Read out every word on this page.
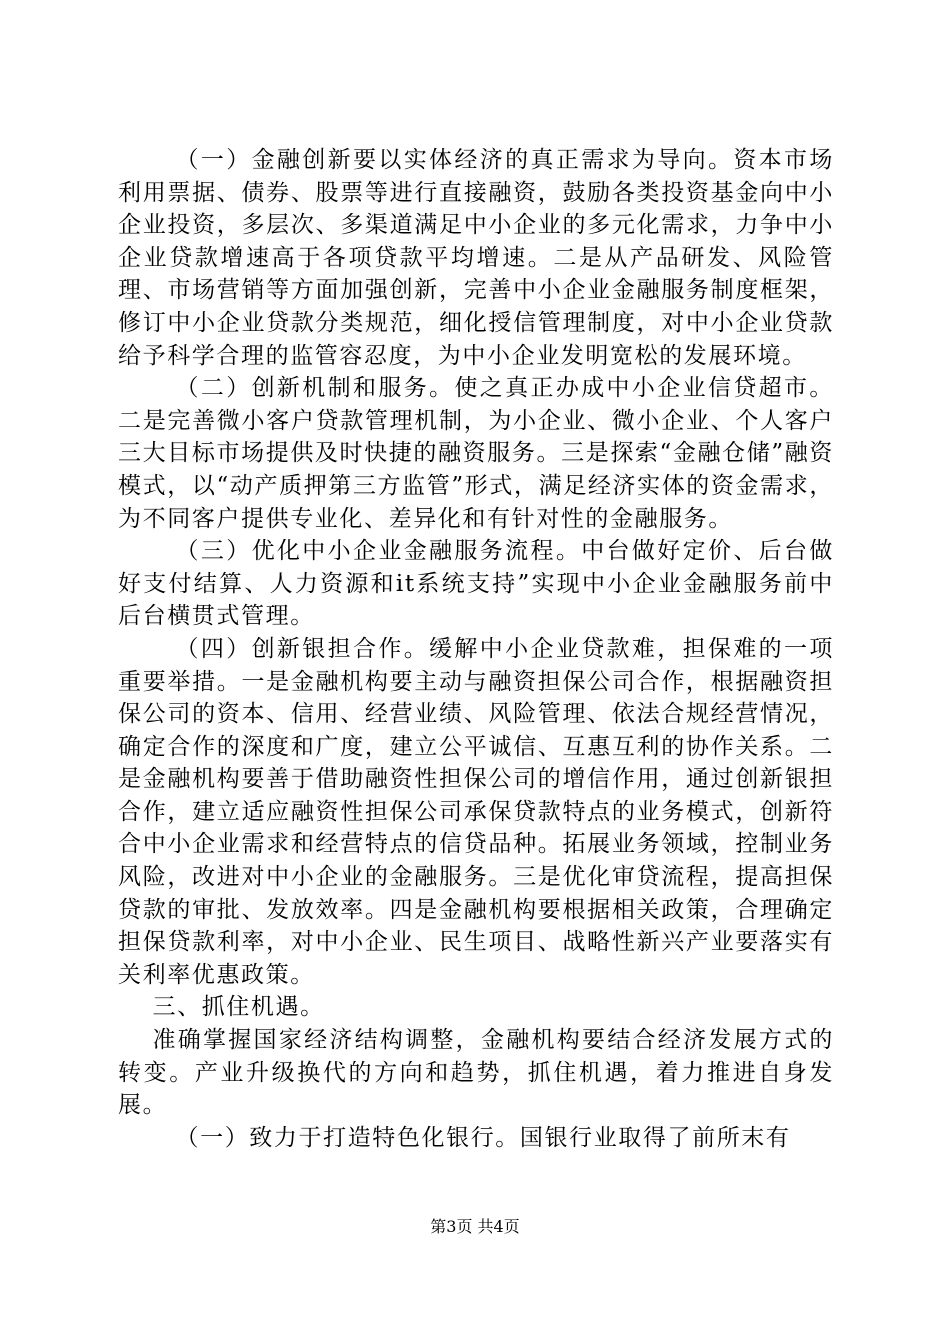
（一）金融创新要以实体经济的真正需求为导向。资本市场利用票据、债券、股票等进行直接融资，鼓励各类投资基金向中小企业投资，多层次、多渠道满足中小企业的多元化需求，力争中小企业贷款增速高于各项贷款平均增速。二是从产品研发、风险管理、市场营销等方面加强创新，完善中小企业金融服务制度框架，修订中小企业贷款分类规范，细化授信管理制度，对中小企业贷款给予科学合理的监管容忍度，为中小企业发明宽松的发展环境。

（二）创新机制和服务。使之真正办成中小企业信贷超市。二是完善微小客户贷款管理机制，为小企业、微小企业、个人客户三大目标市场提供及时快捷的融资服务。三是探索“金融仓储”融资模式，以“动产质押第三方监管”形式，满足经济实体的资金需求，为不同客户提供专业化、差异化和有针对性的金融服务。

（三）优化中小企业金融服务流程。中台做好定价、后台做好支付结算、人力资源和it系统支持”实现中小企业金融服务前中后台横贯式管理。

（四）创新银担合作。缓解中小企业贷款难，担保难的一项重要举措。一是金融机构要主动与融资担保公司合作，根据融资担保公司的资本、信用、经营业绩、风险管理、依法合规经营情况，确定合作的深度和广度，建立公平诚信、互惠互利的协作关系。二是金融机构要善于借助融资性担保公司的增信作用，通过创新银担合作，建立适应融资性担保公司承保贷款特点的业务模式，创新符合中小企业需求和经营特点的信贷品种。拓展业务领域，控制业务风险，改进对中小企业的金融服务。三是优化审贷流程，提高担保贷款的审批、发放效率。四是金融机构要根据相关政策，合理确定担保贷款利率，对中小企业、民生项目、战略性新兴产业要落实有关利率优惠政策。

三、抓住机遇。

准确掌握国家经济结构调整，金融机构要结合经济发展方式的转变。产业升级换代的方向和趋势，抓住机遇，着力推进自身发展。

（一）致力于打造特色化银行。国银行业取得了前所末有

第3页 共4页
